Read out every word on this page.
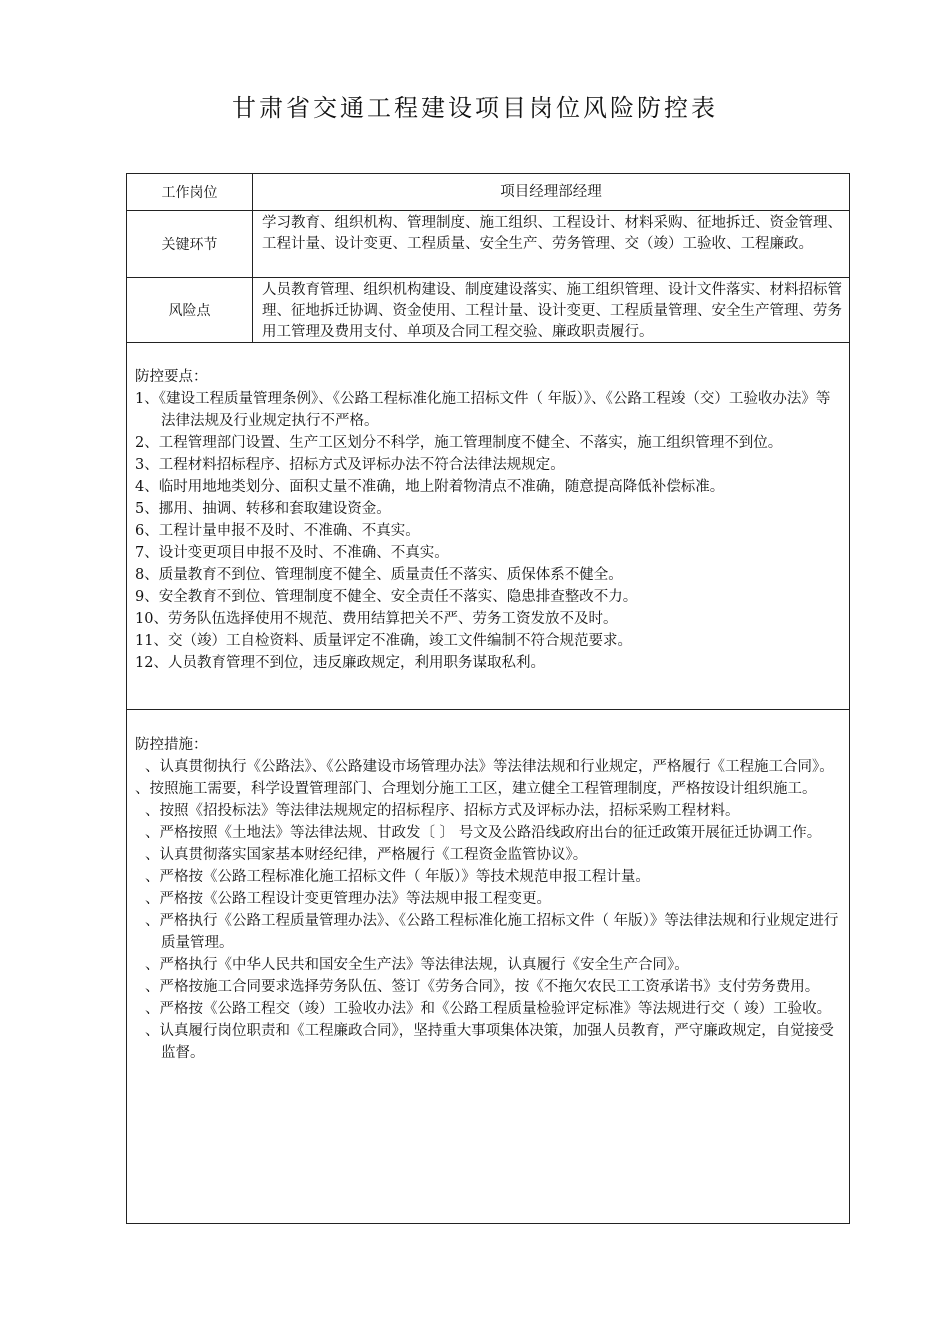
甘肃省交通工程建设项目岗位风险防控表
工作岗位	项目经理部经理
关键环节
学习教育、组织机构、管理制度、施工组织、工程设计、材料采购、征地拆迁、资金管理、工程计量、设计变更、工程质量、安全生产、劳务管理、交（竣）工验收、工程廉政。
风险点
人员教育管理、组织机构建设、制度建设落实、施工组织管理、设计文件落实、材料招标管理、征地拆迁协调、资金使用、工程计量、设计变更、工程质量管理、安全生产管理、劳务用工管理及费用支付、单项及合同工程交验、廉政职责履行。
防控要点：
1、《建设工程质量管理条例》、《公路工程标准化施工招标文件（ 年版）》、《公路工程竣（交）工验收办法》等法律法规及行业规定执行不严格。
2、工程管理部门设置、生产工区划分不科学，施工管理制度不健全、不落实，施工组织管理不到位。
3、工程材料招标程序、招标方式及评标办法不符合法律法规规定。
4、临时用地地类划分、面积丈量不准确，地上附着物清点不准确，随意提高降低补偿标准。
5、挪用、抽调、转移和套取建设资金。
6、工程计量申报不及时、不准确、不真实。
7、设计变更项目申报不及时、不准确、不真实。
8、质量教育不到位、管理制度不健全、质量责任不落实、质保体系不健全。
9、安全教育不到位、管理制度不健全、安全责任不落实、隐患排查整改不力。
10、劳务队伍选择使用不规范、费用结算把关不严、劳务工资发放不及时。
11、交（竣）工自检资料、质量评定不准确，竣工文件编制不符合规范要求。
12、人员教育管理不到位，违反廉政规定，利用职务谋取私利。
防控措施：
、认真贯彻执行《公路法》、《公路建设市场管理办法》等法律法规和行业规定，严格履行《工程施工合同》。
、按照施工需要，科学设置管理部门、合理划分施工工区，建立健全工程管理制度，严格按设计组织施工。
、按照《招投标法》等法律法规规定的招标程序、招标方式及评标办法，招标采购工程材料。
、严格按照《土地法》等法律法规、甘政发〔 〕 号文及公路沿线政府出台的征迁政策开展征迁协调工作。
、认真贯彻落实国家基本财经纪律，严格履行《工程资金监管协议》。
、严格按《公路工程标准化施工招标文件（ 年版）》等技术规范申报工程计量。
、严格按《公路工程设计变更管理办法》等法规申报工程变更。
、严格执行《公路工程质量管理办法》、《公路工程标准化施工招标文件（ 年版）》等法律法规和行业规定进行质量管理。
、严格执行《中华人民共和国安全生产法》等法律法规，认真履行《安全生产合同》。
、严格按施工合同要求选择劳务队伍、签订《劳务合同》，按《不拖欠农民工工资承诺书》支付劳务费用。
、严格按《公路工程交（竣）工验收办法》和《公路工程质量检验评定标准》等法规进行交（ 竣）工验收。
、认真履行岗位职责和《工程廉政合同》，坚持重大事项集体决策，加强人员教育，严守廉政规定，自觉接受监督。
